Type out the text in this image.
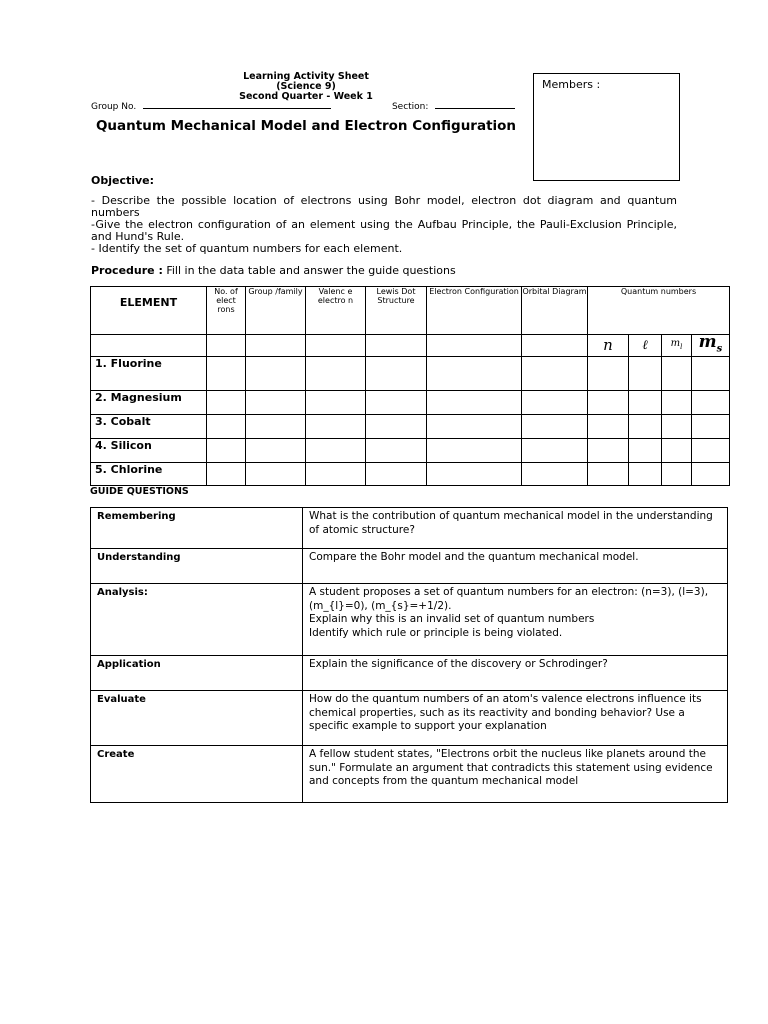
Learning Activity Sheet
(Science 9)
Second Quarter - Week 1
Group No.	Section:
Members :
Quantum Mechanical Model and Electron Configuration
Objective:
- Describe the possible location of electrons using Bohr model, electron dot diagram and quantum numbers
-Give the electron configuration of an element using the Aufbau Principle, the Pauli-Exclusion Principle, and Hund's Rule.
- Identify the set of quantum numbers for each element.
Procedure : Fill in the data table and answer the guide questions
ELEMENT	No. of elect rons	Group /family	Valenc e electro n	Lewis Dot Structure	Electron Configuration	Orbital Diagram	Quantum numbers			
							n	ℓ	$m_l$	$m_s$
1. Fluorine										
2. Magnesium										
3. Cobalt										
4. Silicon										
5. Chlorine										
GUIDE QUESTIONS
Remembering	What is the contribution of quantum mechanical model in the understanding of atomic structure?
Understanding	Compare the Bohr model and the quantum mechanical model.
Analysis:	A student proposes a set of quantum numbers for an electron: (n=3), (l=3), (m_{l}=0), (m_{s}=+1/2).
Explain why this is an invalid set of quantum numbers
Identify which rule or principle is being violated.

Application	Explain the significance of the discovery or Schrodinger?
Evaluate	How do the quantum numbers of an atom's valence electrons influence its chemical properties, such as its reactivity and bonding behavior? Use a specific example to support your explanation
Create	A fellow student states, "Electrons orbit the nucleus like planets around the sun." Formulate an argument that contradicts this statement using evidence and concepts from the quantum mechanical model
